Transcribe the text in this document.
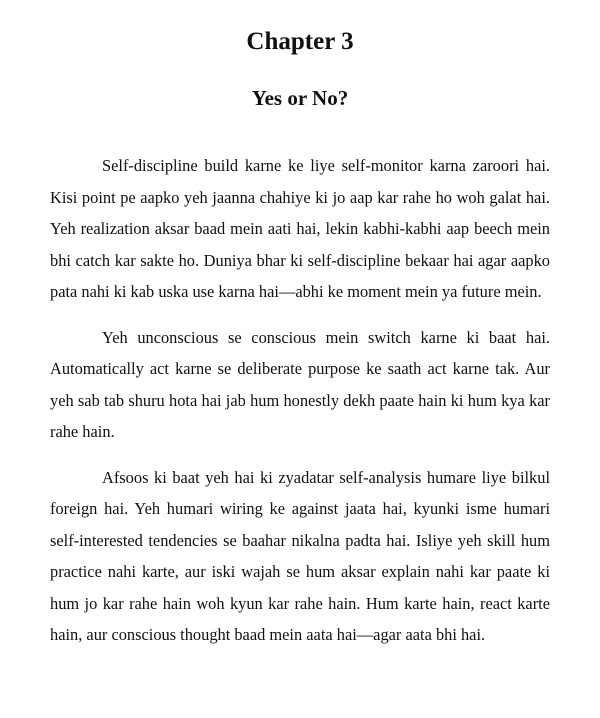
Chapter 3
Yes or No?

Self-discipline build karne ke liye self-monitor karna zaroori hai. Kisi point pe aapko yeh jaanna chahiye ki jo aap kar rahe ho woh galat hai. Yeh realization aksar baad mein aati hai, lekin kabhi-kabhi aap beech mein bhi catch kar sakte ho. Duniya bhar ki self-discipline bekaar hai agar aapko pata nahi ki kab uska use karna hai—abhi ke moment mein ya future mein.

Yeh unconscious se conscious mein switch karne ki baat hai. Automatically act karne se deliberate purpose ke saath act karne tak. Aur yeh sab tab shuru hota hai jab hum honestly dekh paate hain ki hum kya kar rahe hain.

Afsoos ki baat yeh hai ki zyadatar self-analysis humare liye bilkul foreign hai. Yeh humari wiring ke against jaata hai, kyunki isme humari self-interested tendencies se baahar nikalna padta hai. Isliye yeh skill hum practice nahi karte, aur iski wajah se hum aksar explain nahi kar paate ki hum jo kar rahe hain woh kyun kar rahe hain. Hum karte hain, react karte hain, aur conscious thought baad mein aata hai—agar aata bhi hai.
